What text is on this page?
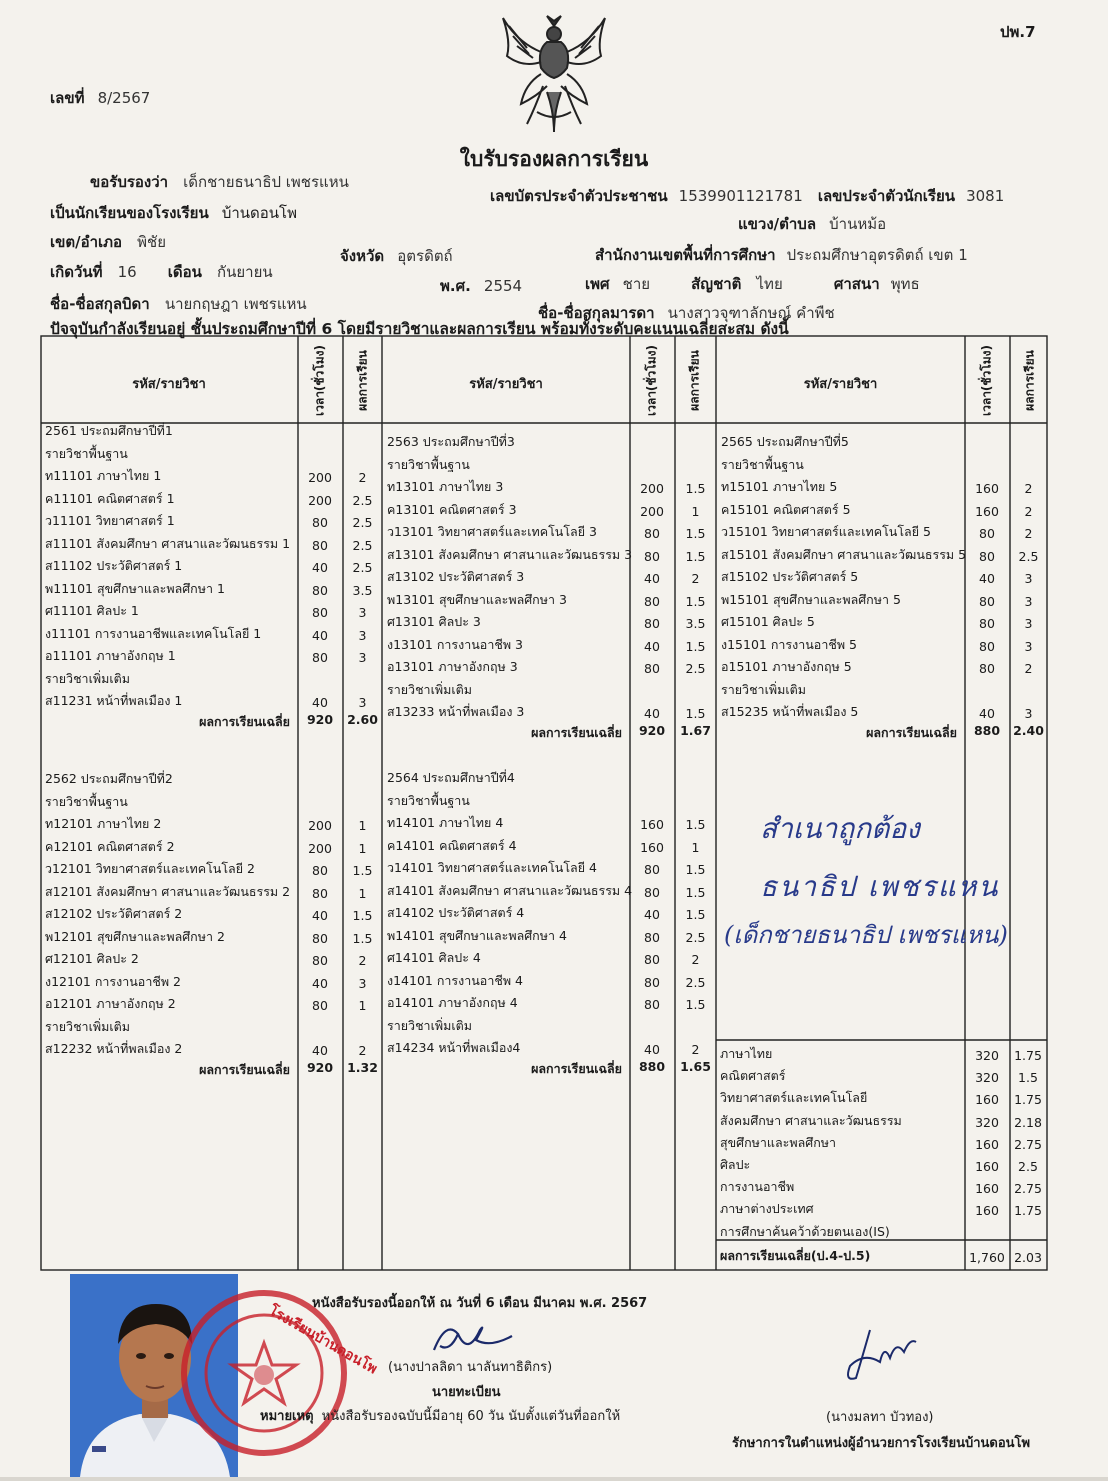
ปพ.7
เลขที่ 8/2567
ใบรับรองผลการเรียน
ขอรับรองว่า เด็กชายธนาธิป เพชรแหน
เลขบัตรประจำตัวประชาชน 1539901121781 เลขประจำตัวนักเรียน 3081
เป็นนักเรียนของโรงเรียน บ้านดอนโพ
แขวง/ตำบล บ้านหม้อ
เขต/อำเภอ พิชัย
จังหวัด อุตรดิตถ์	สำนักงานเขตพื้นที่การศึกษา ประถมศึกษาอุตรดิตถ์ เขต 1
เกิดวันที่ 16 เดือน กันยายน
พ.ศ. 2554	เพศ ชาย	สัญชาติ ไทย	ศาสนา พุทธ
ชื่อ-ชื่อสกุลบิดา นายกฤษฎา เพชรแหน	ชื่อ-ชื่อสกุลมารดา นางสาวจุฑาลักษณ์ คำพืช
ปัจจุบันกำลังเรียนอยู่ ชั้นประถมศึกษาปีที่ 6 โดยมีรายวิชาและผลการเรียน พร้อมทั้งระดับคะแนนเฉลี่ยสะสม ดังนี้
รหัส/รายวิชา	เวลา(ชั่วโมง) ผลการเรียน	รหัส/รายวิชา	เวลา(ชั่วโมง) ผลการเรียน	รหัส/รายวิชา	เวลา(ชั่วโมง) ผลการเรียน
2561 ประถมศึกษาปีที่1
รายวิชาพื้นฐาน
ท11101 ภาษาไทย 1	200	2
ค11101 คณิตศาสตร์ 1	200	2.5
ว11101 วิทยาศาสตร์ 1	80	2.5
ส11101 สังคมศึกษา ศาสนาและวัฒนธรรม 1	80	2.5
ส11102 ประวัติศาสตร์ 1	40	2.5
พ11101 สุขศึกษาและพลศึกษา 1	80	3.5
ศ11101 ศิลปะ 1	80	3
ง11101 การงานอาชีพและเทคโนโลยี 1	40	3
อ11101 ภาษาอังกฤษ 1	80	3
รายวิชาเพิ่มเติม
ส11231 หน้าที่พลเมือง 1	40	3
ผลการเรียนเฉลี่ย	920	2.60
2562 ประถมศึกษาปีที่2
รายวิชาพื้นฐาน
ท12101 ภาษาไทย 2	200	1
ค12101 คณิตศาสตร์ 2	200	1
ว12101 วิทยาศาสตร์และเทคโนโลยี 2	80	1.5
ส12101 สังคมศึกษา ศาสนาและวัฒนธรรม 2	80	1
ส12102 ประวัติศาสตร์ 2	40	1.5
พ12101 สุขศึกษาและพลศึกษา 2	80	1.5
ศ12101 ศิลปะ 2	80	2
ง12101 การงานอาชีพ 2	40	3
อ12101 ภาษาอังกฤษ 2	80	1
รายวิชาเพิ่มเติม
ส12232 หน้าที่พลเมือง 2	40	2
ผลการเรียนเฉลี่ย	920	1.32
2563 ประถมศึกษาปีที่3
รายวิชาพื้นฐาน
ท13101 ภาษาไทย 3	200	1.5
ค13101 คณิตศาสตร์ 3	200	1
ว13101 วิทยาศาสตร์และเทคโนโลยี 3	80	1.5
ส13101 สังคมศึกษา ศาสนาและวัฒนธรรม 3 80	1.5
ส13102 ประวัติศาสตร์ 3	40	2
พ13101 สุขศึกษาและพลศึกษา 3	80	1.5
ศ13101 ศิลปะ 3	80	3.5
ง13101 การงานอาชีพ 3	40	1.5
อ13101 ภาษาอังกฤษ 3	80	2.5
รายวิชาเพิ่มเติม
ส13233 หน้าที่พลเมือง 3	40	1.5
ผลการเรียนเฉลี่ย	920	1.67
2564 ประถมศึกษาปีที่4
รายวิชาพื้นฐาน
ท14101 ภาษาไทย 4	160	1.5
ค14101 คณิตศาสตร์ 4	160	1
ว14101 วิทยาศาสตร์และเทคโนโลยี 4	80	1.5
ส14101 สังคมศึกษา ศาสนาและวัฒนธรรม 4 80	1.5
ส14102 ประวัติศาสตร์ 4	40	1.5
พ14101 สุขศึกษาและพลศึกษา 4	80	2.5
ศ14101 ศิลปะ 4	80	2
ง14101 การงานอาชีพ 4	80	2.5
อ14101 ภาษาอังกฤษ 4	80	1.5
รายวิชาเพิ่มเติม
ส14234 หน้าที่พลเมือง4	40	2
ผลการเรียนเฉลี่ย	880	1.65
2565 ประถมศึกษาปีที่5
รายวิชาพื้นฐาน
ท15101 ภาษาไทย 5	160	2
ค15101 คณิตศาสตร์ 5	160	2
ว15101 วิทยาศาสตร์และเทคโนโลยี 5	80	2
ส15101 สังคมศึกษา ศาสนาและวัฒนธรรม 5	80	2.5
ส15102 ประวัติศาสตร์ 5	40	3
พ15101 สุขศึกษาและพลศึกษา 5	80	3
ศ15101 ศิลปะ 5	80	3
ง15101 การงานอาชีพ 5	80	3
อ15101 ภาษาอังกฤษ 5	80	2
รายวิชาเพิ่มเติม
ส15235 หน้าที่พลเมือง 5	40	3
ผลการเรียนเฉลี่ย	880	2.40
ภาษาไทย	320	1.75
คณิตศาสตร์	320	1.5
วิทยาศาสตร์และเทคโนโลยี	160	1.75
สังคมศึกษา ศาสนาและวัฒนธรรม	320	2.18
สุขศึกษาและพลศึกษา	160	2.75
ศิลปะ	160	2.5
การงานอาชีพ	160	2.75
ภาษาต่างประเทศ	160	1.75
การศึกษาค้นคว้าด้วยตนเอง(IS)
ผลการเรียนเฉลี่ย(ป.4-ป.5)	1,760 2.03
สำเนาถูกต้อง
ธนาธิป เพชรแหน
(เด็กชายธนาธิป เพชรแหน)
โรงเรียนบ้านดอนโพ
หนังสือรับรองนี้ออกให้ ณ วันที่ 6 เดือน มีนาคม พ.ศ. 2567
(นางปาลลิดา นาลันทาธิติกร)
นายทะเบียน
หมายเหตุ หนังสือรับรองฉบับนี้มีอายุ 60 วัน นับตั้งแต่วันที่ออกให้	(นางมลทา บัวทอง)
รักษาการในตำแหน่งผู้อำนวยการโรงเรียนบ้านดอนโพ
